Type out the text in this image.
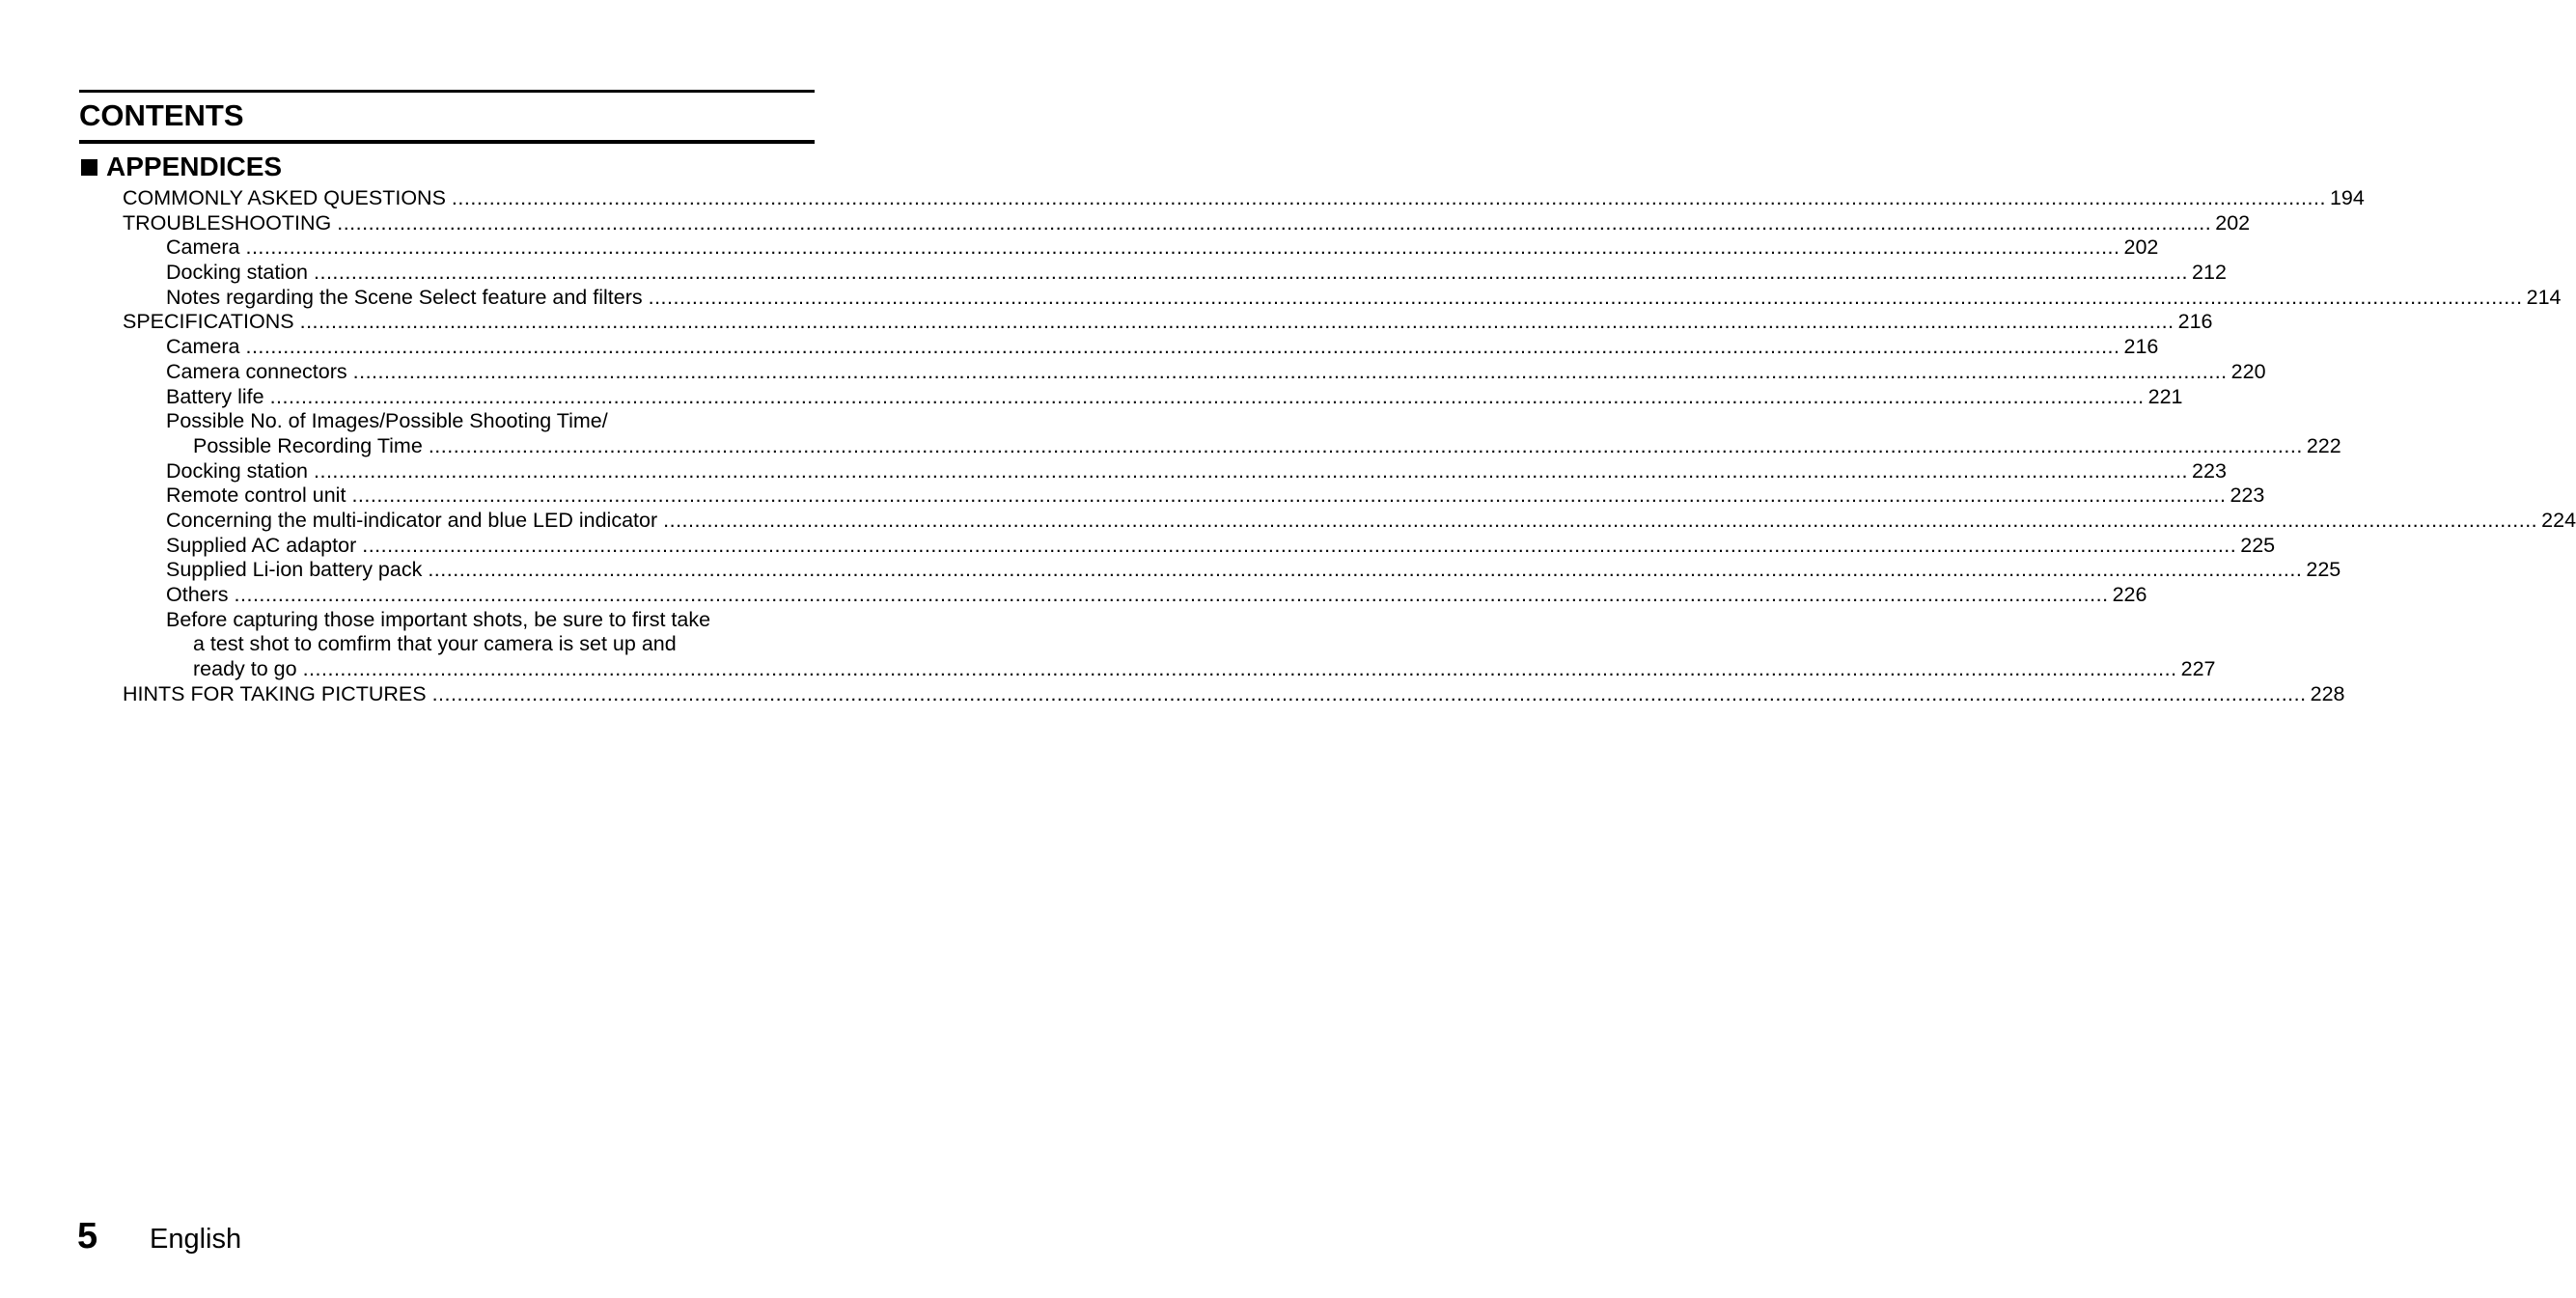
CONTENTS
APPENDICES
COMMONLY ASKED QUESTIONS ............................................................................................................................................................................................................................................................................................................ 194
TROUBLESHOOTING ............................................................................................................................................................................................................................................................................................................ 202
Camera ............................................................................................................................................................................................................................................................................................................ 202
Docking station ............................................................................................................................................................................................................................................................................................................ 212
Notes regarding the Scene Select feature and filters ............................................................................................................................................................................................................................................................................................................ 214
SPECIFICATIONS ............................................................................................................................................................................................................................................................................................................ 216
Camera ............................................................................................................................................................................................................................................................................................................ 216
Camera connectors ............................................................................................................................................................................................................................................................................................................ 220
Battery life ............................................................................................................................................................................................................................................................................................................ 221
Possible No. of Images/Possible Shooting Time/
Possible Recording Time ............................................................................................................................................................................................................................................................................................................ 222
Docking station ............................................................................................................................................................................................................................................................................................................ 223
Remote control unit ............................................................................................................................................................................................................................................................................................................ 223
Concerning the multi-indicator and blue LED indicator ............................................................................................................................................................................................................................................................................................................ 224
Supplied AC adaptor ............................................................................................................................................................................................................................................................................................................ 225
Supplied Li-ion battery pack ............................................................................................................................................................................................................................................................................................................ 225
Others ............................................................................................................................................................................................................................................................................................................ 226
Before capturing those important shots, be sure to first take
a test shot to comfirm that your camera is set up and
ready to go ............................................................................................................................................................................................................................................................................................................ 227
HINTS FOR TAKING PICTURES ............................................................................................................................................................................................................................................................................................................ 228
5 English
